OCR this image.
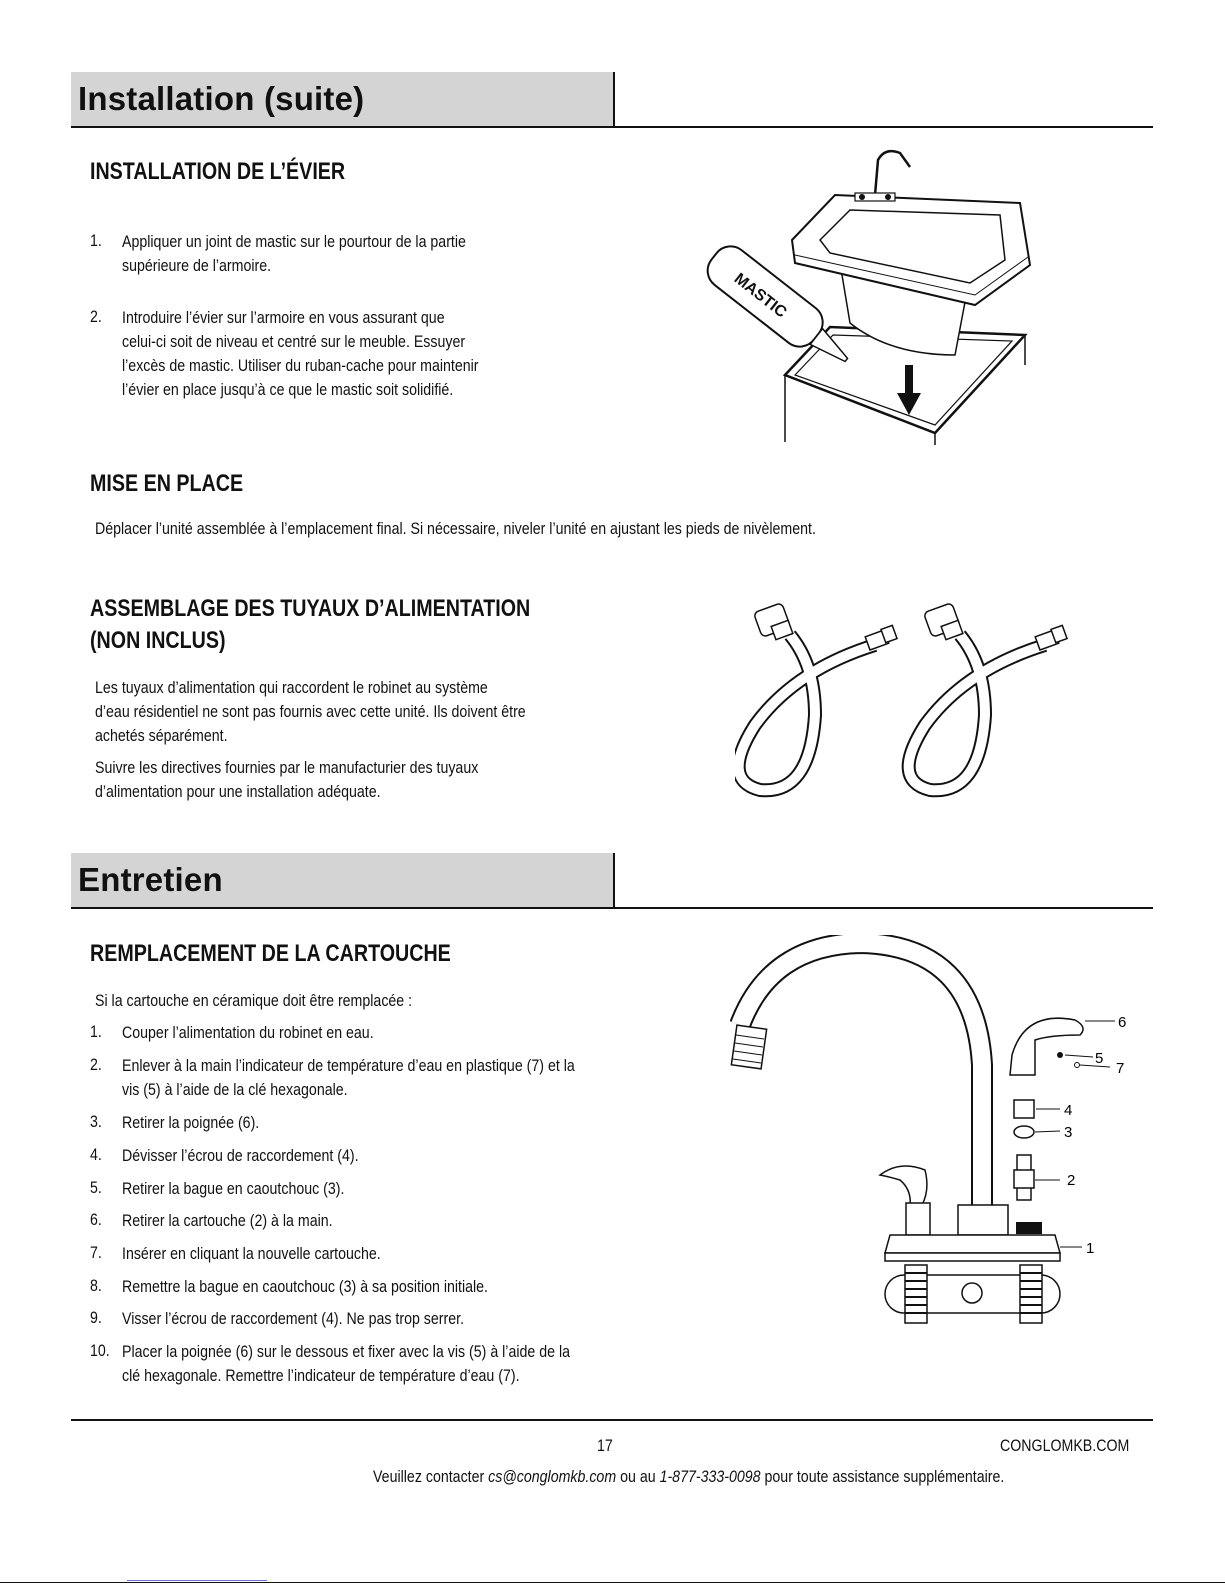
Installation (suite)
INSTALLATION DE L’ÉVIER
1. Appliquer un joint de mastic sur le pourtour de la partie
supérieure de l’armoire.
2. Introduire l’évier sur l’armoire en vous assurant que
celui-ci soit de niveau et centré sur le meuble. Essuyer
l’excès de mastic. Utiliser du ruban-cache pour maintenir
l’évier en place jusqu’à ce que le mastic soit solidifié.
MASTIC
MISE EN PLACE
Déplacer l’unité assemblée à l’emplacement final. Si nécessaire, niveler l’unité en ajustant les pieds de nivèlement.
ASSEMBLAGE DES TUYAUX D’ALIMENTATION
(NON INCLUS)
Les tuyaux d’alimentation qui raccordent le robinet au système
d’eau résidentiel ne sont pas fournis avec cette unité. Ils doivent être
achetés séparément.
Suivre les directives fournies par le manufacturier des tuyaux
d’alimentation pour une installation adéquate.
Entretien
REMPLACEMENT DE LA CARTOUCHE
Si la cartouche en céramique doit être remplacée :
1. Couper l’alimentation du robinet en eau.
2. Enlever à la main l’indicateur de température d’eau en plastique (7) et la
vis (5) à l’aide de la clé hexagonale.
3. Retirer la poignée (6).
4. Dévisser l’écrou de raccordement (4).
5. Retirer la bague en caoutchouc (3).
6. Retirer la cartouche (2) à la main.
7. Insérer en cliquant la nouvelle cartouche.
8. Remettre la bague en caoutchouc (3) à sa position initiale.
9. Visser l’écrou de raccordement (4). Ne pas trop serrer.
10. Placer la poignée (6) sur le dessous et fixer avec la vis (5) à l’aide de la
clé hexagonale. Remettre l’indicateur de température d’eau (7).
6
5
7
4
3
2
1
17	CONGLOMKB.COM
Veuillez contacter cs@conglomkb.com ou au 1-877-333-0098 pour toute assistance supplémentaire.
